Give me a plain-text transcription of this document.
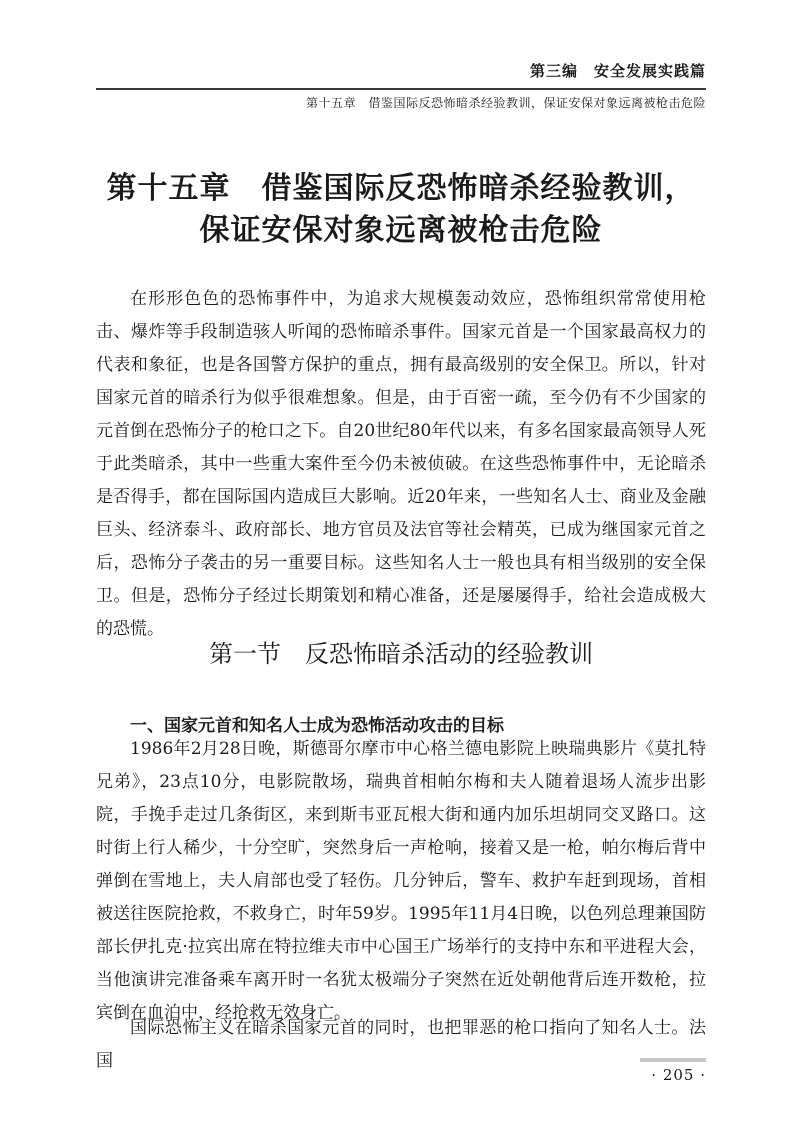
第三编　安全发展实践篇
第十五章　借鉴国际反恐怖暗杀经验教训，保证安保对象远离被枪击危险
第十五章　借鉴国际反恐怖暗杀经验教训，
保证安保对象远离被枪击危险

在形形色色的恐怖事件中，为追求大规模轰动效应，恐怖组织常常使用枪击、爆炸等手段制造骇人听闻的恐怖暗杀事件。国家元首是一个国家最高权力的代表和象征，也是各国警方保护的重点，拥有最高级别的安全保卫。所以，针对国家元首的暗杀行为似乎很难想象。但是，由于百密一疏，至今仍有不少国家的元首倒在恐怖分子的枪口之下。自20世纪80年代以来，有多名国家最高领导人死于此类暗杀，其中一些重大案件至今仍未被侦破。在这些恐怖事件中，无论暗杀是否得手，都在国际国内造成巨大影响。近20年来，一些知名人士、商业及金融巨头、经济泰斗、政府部长、地方官员及法官等社会精英，已成为继国家元首之后，恐怖分子袭击的另一重要目标。这些知名人士一般也具有相当级别的安全保卫。但是，恐怖分子经过长期策划和精心准备，还是屡屡得手，给社会造成极大的恐慌。

第一节　反恐怖暗杀活动的经验教训
一、国家元首和知名人士成为恐怖活动攻击的目标

1986年2月28日晚，斯德哥尔摩市中心格兰德电影院上映瑞典影片《莫扎特兄弟》，23点10分，电影院散场，瑞典首相帕尔梅和夫人随着退场人流步出影院，手挽手走过几条街区，来到斯韦亚瓦根大街和通内加乐坦胡同交叉路口。这时街上行人稀少，十分空旷，突然身后一声枪响，接着又是一枪，帕尔梅后背中弹倒在雪地上，夫人肩部也受了轻伤。几分钟后，警车、救护车赶到现场，首相被送往医院抢救，不救身亡，时年59岁。1995年11月4日晚，以色列总理兼国防部长伊扎克·拉宾出席在特拉维夫市中心国王广场举行的支持中东和平进程大会，当他演讲完准备乘车离开时一名犹太极端分子突然在近处朝他背后连开数枪，拉宾倒在血泊中，经抢救无效身亡。

国际恐怖主义在暗杀国家元首的同时，也把罪恶的枪口指向了知名人士。法国

· 205 ·
